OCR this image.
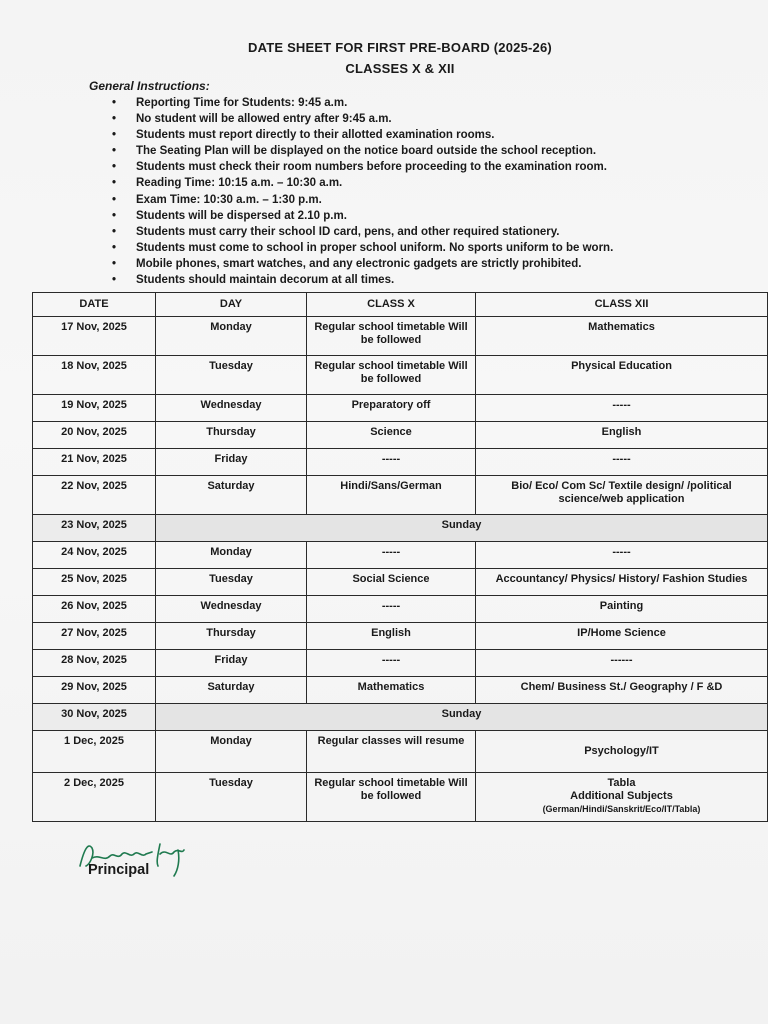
DATE SHEET FOR FIRST PRE-BOARD (2025-26)
CLASSES X & XII
General Instructions:
• Reporting Time for Students: 9:45 a.m.
• No student will be allowed entry after 9:45 a.m.
• Students must report directly to their allotted examination rooms.
• The Seating Plan will be displayed on the notice board outside the school reception.
• Students must check their room numbers before proceeding to the examination room.
• Reading Time: 10:15 a.m. – 10:30 a.m.
• Exam Time: 10:30 a.m. – 1:30 p.m.
• Students will be dispersed at 2.10 p.m.
• Students must carry their school ID card, pens, and other required stationery.
• Students must come to school in proper school uniform. No sports uniform to be worn.
• Mobile phones, smart watches, and any electronic gadgets are strictly prohibited.
• Students should maintain decorum at all times.
DATE	DAY	CLASS X	CLASS XII
17 Nov, 2025	Monday	Regular school timetable Will be followed	Mathematics
18 Nov, 2025	Tuesday	Regular school timetable Will be followed	Physical Education
19 Nov, 2025	Wednesday	Preparatory off	-----
20 Nov, 2025	Thursday	Science	English
21 Nov, 2025	Friday	-----	-----
22 Nov, 2025	Saturday	Hindi/Sans/German	Bio/ Eco/ Com Sc/ Textile design/ /political science/web application
23 Nov, 2025	Sunday		
24 Nov, 2025	Monday	-----	-----
25 Nov, 2025	Tuesday	Social Science	Accountancy/ Physics/ History/ Fashion Studies
26 Nov, 2025	Wednesday	-----	Painting
27 Nov, 2025	Thursday	English	IP/Home Science
28 Nov, 2025	Friday	-----	------
29 Nov, 2025	Saturday	Mathematics	Chem/ Business St./ Geography / F &D
30 Nov, 2025	Sunday		
1 Dec, 2025	Monday	Regular classes will resume	Psychology/IT
2 Dec, 2025	Tuesday	Regular school timetable Will be followed	Tabla
Additional Subjects
(German/Hindi/Sanskrit/Eco/IT/Tabla)
Principal
